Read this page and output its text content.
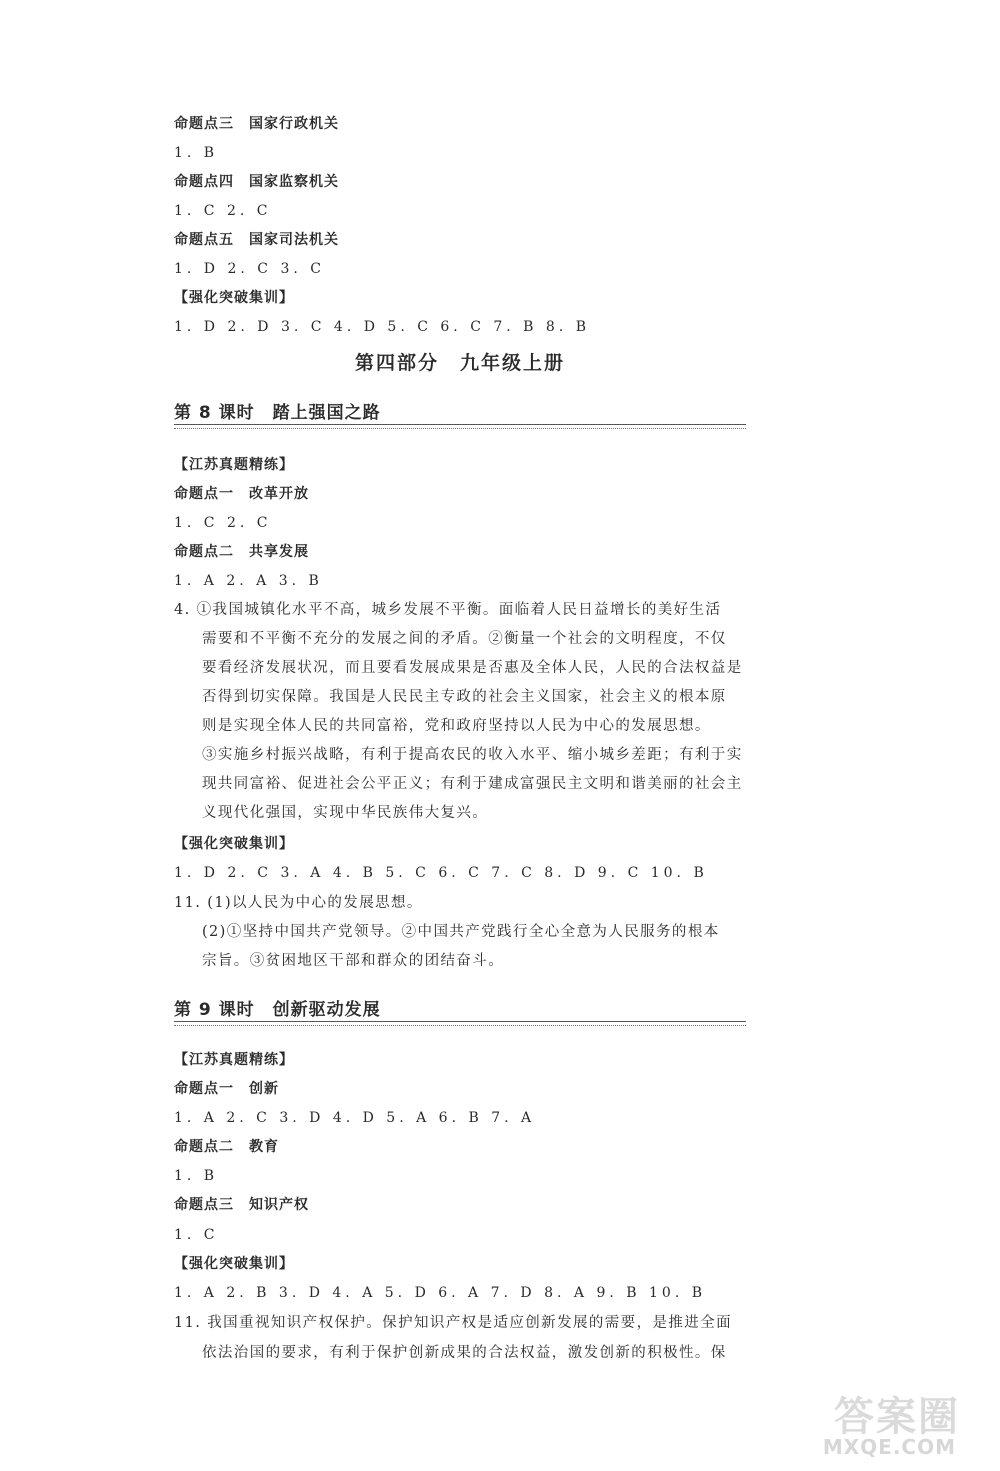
命题点三　国家行政机关
1. B
命题点四　国家监察机关
1. C 2. C
命题点五　国家司法机关
1. D 2. C 3. C
【强化突破集训】
1. D 2. D 3. C 4. D 5. C 6. C 7. B 8. B
第四部分　九年级上册
第 8 课时　踏上强国之路
【江苏真题精练】
命题点一　改革开放
1. C 2. C
命题点二　共享发展
1. A 2. A 3. B
4. ①我国城镇化水平不高，城乡发展不平衡。面临着人民日益增长的美好生活
需要和不平衡不充分的发展之间的矛盾。②衡量一个社会的文明程度，不仅
要看经济发展状况，而且要看发展成果是否惠及全体人民，人民的合法权益是
否得到切实保障。我国是人民民主专政的社会主义国家，社会主义的根本原
则是实现全体人民的共同富裕，党和政府坚持以人民为中心的发展思想。
③实施乡村振兴战略，有利于提高农民的收入水平、缩小城乡差距；有利于实
现共同富裕、促进社会公平正义；有利于建成富强民主文明和谐美丽的社会主
义现代化强国，实现中华民族伟大复兴。
【强化突破集训】
1. D 2. C 3. A 4. B 5. C 6. C 7. C 8. D 9. C 10. B
11. (1)以人民为中心的发展思想。
(2)①坚持中国共产党领导。②中国共产党践行全心全意为人民服务的根本
宗旨。③贫困地区干部和群众的团结奋斗。
第 9 课时　创新驱动发展
【江苏真题精练】
命题点一　创新
1. A 2. C 3. D 4. D 5. A 6. B 7. A
命题点二　教育
1. B
命题点三　知识产权
1. C
【强化突破集训】
1. A 2. B 3. D 4. A 5. D 6. A 7. D 8. A 9. B 10. B
11. 我国重视知识产权保护。保护知识产权是适应创新发展的需要，是推进全面
依法治国的要求，有利于保护创新成果的合法权益，激发创新的积极性。保
答案圈
MXQE.COM
